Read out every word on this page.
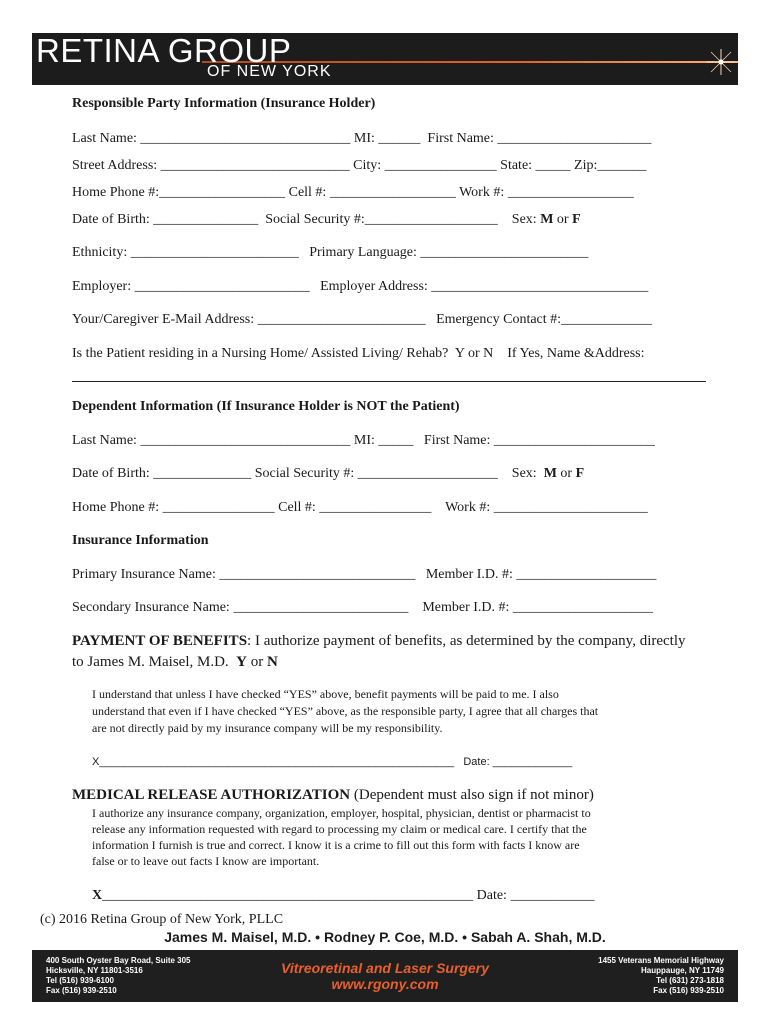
RETINA GROUP
OF NEW YORK
Responsible Party Information (Insurance Holder)
Last Name: ______________________________ MI: ______  First Name: ______________________
Street Address: ___________________________ City: ________________ State: _____ Zip:_______
Home Phone #:__________________ Cell #: __________________ Work #: __________________
Date of Birth: _______________  Social Security #:___________________    Sex: M or F
Ethnicity: ________________________   Primary Language: ________________________
Employer: _________________________   Employer Address: _______________________________
Your/Caregiver E-Mail Address: ________________________   Emergency Contact #:_____________
Is the Patient residing in a Nursing Home/ Assisted Living/ Rehab?  Y or N    If Yes, Name &Address:
Dependent Information (If Insurance Holder is NOT the Patient)
Last Name: ______________________________ MI: _____   First Name: _______________________
Date of Birth: ______________ Social Security #: ____________________    Sex:  M or F
Home Phone #: ________________ Cell #: ________________    Work #: ______________________
Insurance Information
Primary Insurance Name: ____________________________   Member I.D. #: ____________________
Secondary Insurance Name: _________________________    Member I.D. #: ____________________
PAYMENT OF BENEFITS: I authorize payment of benefits, as determined by the company, directly
to James M. Maisel, M.D.  Y or N
I understand that unless I have checked “YES” above, benefit payments will be paid to me. I also
understand that even if I have checked “YES” above, as the responsible party, I agree that all charges that
are not directly paid by my insurance company will be my responsibility.
X__________________________________________________________   Date: _____________
MEDICAL RELEASE AUTHORIZATION (Dependent must also sign if not minor)
I authorize any insurance company, organization, employer, hospital, physician, dentist or pharmacist to
release any information requested with regard to processing my claim or medical care. I certify that the
information I furnish is true and correct. I know it is a crime to fill out this form with facts I know are
false or to leave out facts I know are important.
X_____________________________________________________ Date: ____________
(c) 2016 Retina Group of New York, PLLC
James M. Maisel, M.D. • Rodney P. Coe, M.D. • Sabah A. Shah, M.D.
400 South Oyster Bay Road, Suite 305
Hicksville, NY 11801-3516
Tel (516) 939-6100
Fax (516) 939-2510
Vitreoretinal and Laser Surgery
www.rgony.com
1455 Veterans Memorial Highway
Hauppauge, NY 11749
Tel (631) 273-1818
Fax (516) 939-2510
